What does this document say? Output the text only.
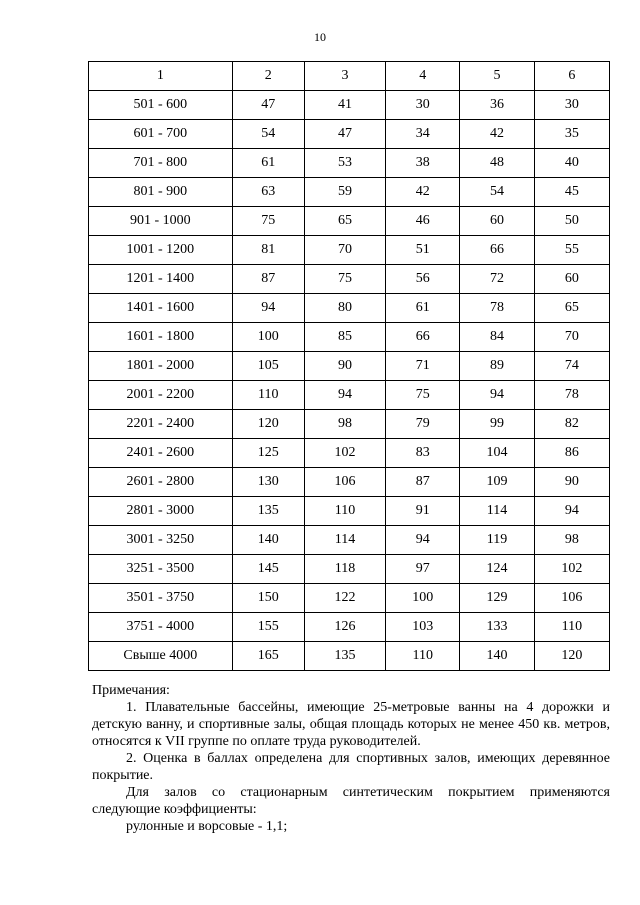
10
1	2	3	4	5	6
501 - 600	47	41	30	36	30
601 - 700	54	47	34	42	35
701 - 800	61	53	38	48	40
801 - 900	63	59	42	54	45
901 - 1000	75	65	46	60	50
1001 - 1200	81	70	51	66	55
1201 - 1400	87	75	56	72	60
1401 - 1600	94	80	61	78	65
1601 - 1800	100	85	66	84	70
1801 - 2000	105	90	71	89	74
2001 - 2200	110	94	75	94	78
2201 - 2400	120	98	79	99	82
2401 - 2600	125	102	83	104	86
2601 - 2800	130	106	87	109	90
2801 - 3000	135	110	91	114	94
3001 - 3250	140	114	94	119	98
3251 - 3500	145	118	97	124	102
3501 - 3750	150	122	100	129	106
3751 - 4000	155	126	103	133	110
Свыше 4000	165	135	110	140	120

Примечания:

1. Плавательные бассейны, имеющие 25-метровые ванны на 4 дорожки и детскую ванну, и спортивные залы, общая площадь которых не менее 450 кв. метров, относятся к VII группе по оплате труда руководителей.

2. Оценка в баллах определена для спортивных залов, имеющих деревянное покрытие.

Для залов со стационарным синтетическим покрытием применяются следующие коэффициенты:

рулонные и ворсовые - 1,1;
